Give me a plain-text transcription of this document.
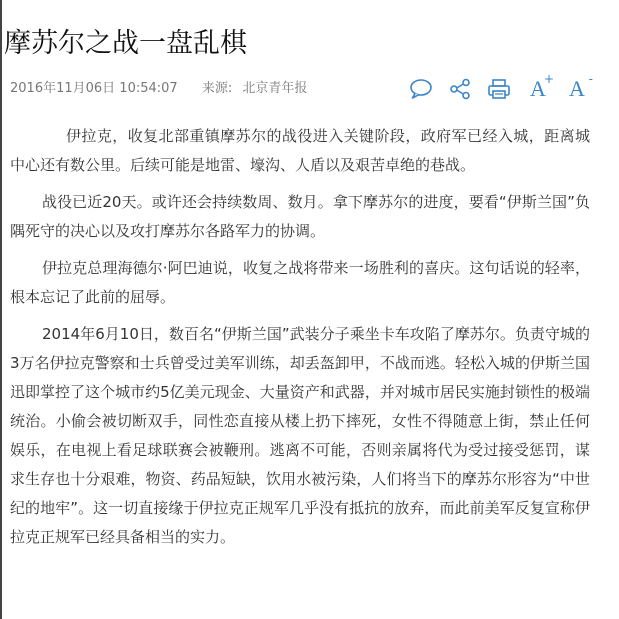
摩苏尔之战一盘乱棋
2016年11月06日 10:54:07 来源: 北京青年报	A
+ A -

伊拉克，收复北部重镇摩苏尔的战役进入关键阶段，政府军已经入城，距离城中心还有数公里。后续可能是地雷、壕沟、人盾以及艰苦卓绝的巷战。

战役已近20天。或许还会持续数周、数月。拿下摩苏尔的进度，要看“伊斯兰国”负隅死守的决心以及攻打摩苏尔各路军力的协调。

伊拉克总理海德尔·阿巴迪说，收复之战将带来一场胜利的喜庆。这句话说的轻率，根本忘记了此前的屈辱。

2014年6月10日，数百名“伊斯兰国”武装分子乘坐卡车攻陷了摩苏尔。负责守城的3万名伊拉克警察和士兵曾受过美军训练，却丢盔卸甲，不战而逃。轻松入城的伊斯兰国迅即掌控了这个城市约5亿美元现金、大量资产和武器，并对城市居民实施封锁性的极端统治。小偷会被切断双手，同性恋直接从楼上扔下摔死，女性不得随意上街，禁止任何娱乐，在电视上看足球联赛会被鞭刑。逃离不可能，否则亲属将代为受过接受惩罚，谋求生存也十分艰难，物资、药品短缺，饮用水被污染，人们将当下的摩苏尔形容为“中世纪的地牢”。这一切直接缘于伊拉克正规军几乎没有抵抗的放弃，而此前美军反复宣称伊拉克正规军已经具备相当的实力。
